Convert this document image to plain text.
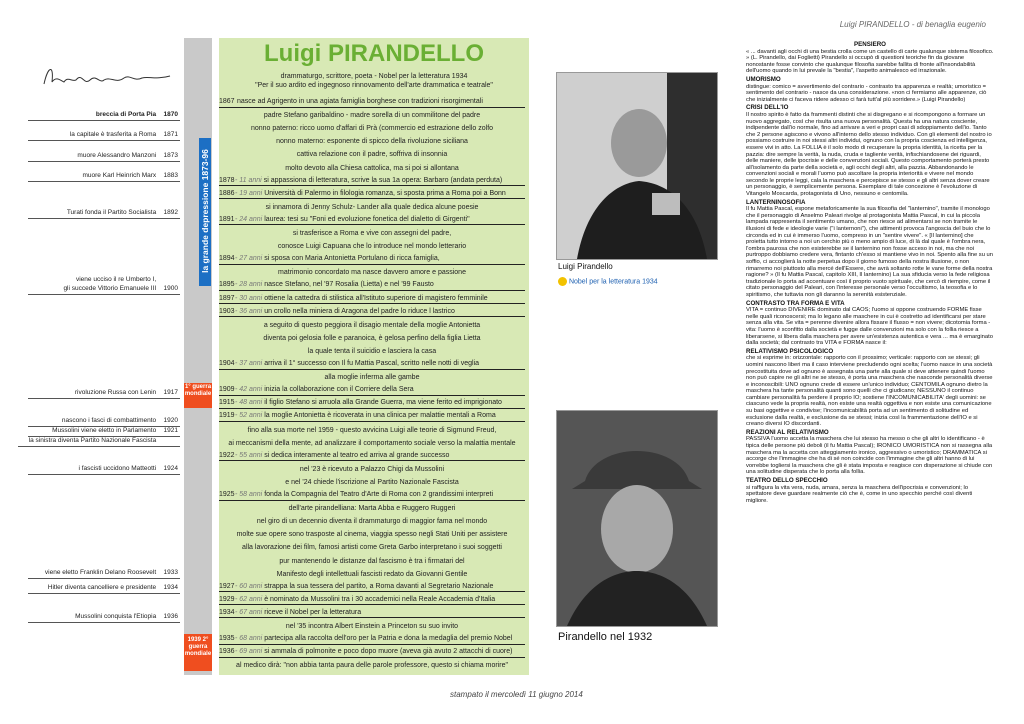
Luigi PIRANDELLO - di benaglia eugenio
breccia di Porta Pia 1870
la capitale è trasferita a Roma 1871
muore Alessandro Manzoni 1873
muore Karl Heinrich Marx 1883
Turati fonda il Partito Socialista 1892
viene ucciso il re Umberto I,
gli succede Vittorio Emanuele III 1900
rivoluzione Russa con Lenin 1917
nascono i fasci di combattimento 1920
Mussolini viene eletto in Parlamento 1921
la sinistra diventa Partito Nazionale Fascista
i fascisti uccidono Matteotti 1924
viene eletto Franklin Delano Roosevelt 1933
Hitler diventa cancelliere e presidente 1934
Mussolini conquista l'Etiopia 1936
la grande depressione 1873-96
1° guerra mondiale
1939 2° guerra mondiale
Luigi PIRANDELLO
drammaturgo, scrittore, poeta - Nobel per la letteratura 1934
"Per il suo ardito ed ingegnoso rinnovamento dell'arte drammatica e teatrale"
1867 nasce ad Agrigento in una agiata famiglia borghese con tradizioni risorgimentali
padre Stefano garibaldino - madre sorella di un commilitone del padre
nonno paterno: ricco uomo d'affari di Prà (commercio ed estrazione dello zolfo
nonno materno: esponente di spicco della rivoluzione siciliana
cattiva relazione con il padre, soffriva di insonnia
molto devoto alla Chiesa cattolica, ma si poi si allontana
1878- 11 anni si appassiona di letteratura, scrive la sua 1a opera: Barbaro (andata perduta)
1886- 19 anni Università di Palermo in filologia romanza, si sposta prima a Roma poi a Bonn
si innamora di Jenny Schulz- Lander alla quale dedica alcune poesie
1891- 24 anni laurea: tesi su "Foni ed evoluzione fonetica del dialetto di Girgenti"
si trasferisce a Roma e vive con assegni del padre,
conosce Luigi Capuana che lo introduce nel mondo letterario
1894- 27 anni si sposa con Maria Antonietta Portulano di ricca famiglia,
matrimonio concordato ma nasce davvero amore e passione
1895- 28 anni nasce Stefano, nel '97 Rosalia (Lietta) e nel '99 Fausto
1897- 30 anni ottiene la cattedra di stilistica all'Istituto superiore di magistero femminile
1903- 36 anni un crollo nella miniera di Aragona del padre lo riduce l lastrico
a seguito di questo peggiora il disagio mentale della moglie Antonietta
diventa poi gelosia folle e paranoica, è gelosa perfino della figlia Lietta
la quale tenta il suicidio e lasciera la casa
1904- 37 anni arriva il 1° successo con Il fu Mattia Pascal, scritto nelle notti di veglia
alla moglie inferma alle gambe
1909- 42 anni inizia la collaborazione con il Corriere della Sera
1915- 48 anni il figlio Stefano si arruola alla Grande Guerra, ma viene ferito ed imprigionato
1919- 52 anni la moglie Antonietta è ricoverata in una clinica per malattie mentali a Roma
fino alla sua morte nel 1959 - questo avvicina Luigi alle teorie di Sigmund Freud,
ai meccanismi della mente, ad analizzare il comportamento sociale verso la malattia mentale
1922- 55 anni si dedica interamente al teatro ed arriva al grande successo
nel '23 è ricevuto a Palazzo Chigi da Mussolini
e nel '24 chiede l'iscrizione al Partito Nazionale Fascista
1925- 58 anni fonda la Compagnia del Teatro d'Arte di Roma con 2 grandissimi interpreti
dell'arte pirandelliana: Marta Abba e Ruggero Ruggeri
nel giro di un decennio diventa il drammaturgo di maggior fama nel mondo
molte sue opere sono trasposte al cinema, viaggia spesso negli Stati Uniti per assistere
alla lavorazione dei film, famosi artisti come Greta Garbo interpretano i suoi soggetti
pur mantenendo le distanze dal fascismo è tra i firmatari del
Manifesto degli intellettuali fascisti redato da Giovanni Gentile
1927- 60 anni strappa la sua tessera del partito, a Roma davanti al Segretario Nazionale
1929- 62 anni è nominato da Mussolini tra i 30 accademici nella Reale Accademia d'Italia
1934- 67 anni riceve il Nobel per la letteratura
nel '35 incontra Albert Einstein a Princeton su suo invito
1935- 68 anni partecipa alla raccolta dell'oro per la Patria e dona la medaglia del premio Nobel
1936- 69 anni si ammala di polmonite e poco dopo muore (aveva già avuto 2 attacchi di cuore)
al medico dirà: "non abbia tanta paura delle parole professore, questo si chiama morire"
Luigi Pirandello
Nobel per la letteratura 1934
Pirandello nel 1932
PENSIERO

« ... davanti agli occhi di una bestia crolla come un castello di carte qualunque sistema filosofico. » (L. Pirandello, dai Foglietti) Pirandello si occupò di questioni teoriche fin da giovane nonostante fosse convinto che qualunque filosofia sarebbe fallita di fronte all'insondabilità dell'uomo quando in lui prevale la "bestia", l'aspetto animalesco ed irrazionale.

UMORISMO

distingue: comico = avvertimento del contrario - contrasto tra apparenza e realtà; umoristico = sentimento del contrario - nasce da una considerazione. «non ci fermiamo alle apparenze, ciò che inizialmente ci faceva ridere adesso ci farà tutt'al più sorridere.» (Luigi Pirandello)

CRISI DELL'IO

Il nostro spirito è fatto da frammenti distinti che si disgregano e si ricompongono a formare un nuovo aggregato, così che risulta una nuova personalità. Questa ha una natura cosciente, indipendente dall'io normale, fino ad arrivare a veri e propri casi di sdoppiamento dell'io. Tanto che 2 persone agiscono e vivono all'interno dello stesso individuo. Con gli elementi del nostro io possiamo costruire in noi stessi altri individui, ognuno con la propria coscienza ed intelligenza, essere vivi in atto. La FOLLIA è il solo modo di recuperare la propria identità, la ricetta per la pazzia: dire sempre la verità, la nuda, cruda e tagliente verità, infischiandosene dei riguardi, delle maniere, delle ipocrisie e delle convenzioni sociali. Questo comportamento porterà presto all'isolamento da parte della società e, agli occhi degli altri, alla pazzia. Abbandonando le convenzioni sociali e morali l'uomo può ascoltare la propria interiorità e vivere nel mondo secondo le proprie leggi, cala la maschera e percepisce se stesso e gli altri senza dover creare un personaggio, è semplicemente persona. Esemplare di tale concezione è l'evoluzione di Vitangelo Moscarda, protagonista di Uno, nessuno e centomila.

LANTERNINOSOFIA

Il fu Mattia Pascal, espone metaforicamente la sua filosofia del "lanternino", tramite il monologo che il personaggio di Anselmo Paleari rivolge al protagonista Mattia Pascal, in cui la piccola lampada rappresenta il sentimento umano, che non riesce ad alimentarsi se non tramite le illusioni di fede e ideologie varie ("i lanternoni"), che attimenti provoca l'angoscia del buio che lo circonda ed in cui è immerso l'uomo, compreso in un "sentire vivere". « [Il lanternino] che proietta tutto intorno a noi un cerchio più o meno ampio di luce, di là dal quale è l'ombra nera, l'ombra paurosa che non esisterebbe se il lanternino non fosse acceso in noi, ma che noi purtroppo dobbiamo credere vera, fintanto ch'esso si mantiene vivo in noi. Spento alla fine su un soffio, ci accoglierà la notte perpetua dopo il giorno fumoso della nostra illusione, o non rimarremo noi piuttosto alla mercé dell'Essere, che avrà soltanto rotte le vane forme della nostra ragione? » (Il fu Mattia Pascal, capitolo XIII, Il lanternino) La sua sfiducia verso la fede religiosa tradizionale lo porta ad accentuare così il proprio vuoto spirituale, che cercò di riempire, come il citato personaggio del Paleari, con l'interesse personale verso l'occultismo, la teosofia e lo spiritismo, che tuttavia non gli daranno la serenità esistenziale.

CONTRASTO TRA FORMA E VITA

VITA = continuo DIVENIRE dominato dal CAOS; l'uomo si oppone costruendo FORME fisse nelle quali riconoscersi; ma lo legano alle maschere in cui è costretto ad identificarsi per stare senza alla vita. Se vita = perenne divenire allora fissare il flusso = non vivere; dicotomia forma - vita: l'uomo è sconfitto dalla società e fugge dalle convenzioni ma solo con la follia riesce a liberarsene, si libera dalla maschera per avere un'esistenza autentica e vera ... ma è emarginato dalla società; dal contrasto tra VITA e FORMA nasce il:

RELATIVISMO PSICOLOGICO

che si esprime in: orizzontale: rapporto con il prossimo; verticale: rapporto con se stessi; gli uomini nascono liberi ma il caso interviene precludendo ogni scelta; l'uomo nasce in una società precostituita dove ad ognuno è assegnata una parte alla quale si deve attenere quindi l'uomo non può capire ne gli altri ne se stesso, è porta una maschera che nasconde personalità diverse e inconoscibili: UNO ognuno crede di essere un'unico individuo; CENTOMILA ognuno dietro la maschera ha tante personalità quanti sono quelli che ci giudicano; NESSUNO il continuo cambiare personalità fa perdere il proprio IO; sostiene l'INCOMUNICABILITA' degli uomini: se ciascuno vede la propria realtà, non esiste una realtà oggettiva e non esiste una comunicazione su basi oggettive e condivise; l'incomunicabilità porta ad un sentimento di solitudine ed esclusione dalla realtà, e esclusione da se stessi; inizia così la frammentazione dell'IO e si creano diversi IO discordanti.

REAZIONI AL RELATIVISMO

PASSIVA l'uomo accetta la maschera che lui stesso ha messo o che gli altri lo identificano - è tipica delle persone più deboli (il fu Mattia Pascal); IRONICO UMORISTICA non si rassegna alla maschera ma la accetta con atteggiamento ironico, aggressivo o umoristico; DRAMMATICA si accorge che l'immagine che ha di sé non coincide con l'immagine che gli altri hanno di lui vorrebbe togliersi la maschera che gli è stata imposta e reagisce con disperazione si chiude con una solitudine disperata che lo porta alla follia.

TEATRO DELLO SPECCHIO

si raffigura la vita vera, nuda, amara, senza la maschera dell'ipocrisia e convenzioni; lo spettatore deve guardare realmente ciò che è, come in uno specchio perché così diventi migliore.

stampato il mercoledì 11 giugno 2014
